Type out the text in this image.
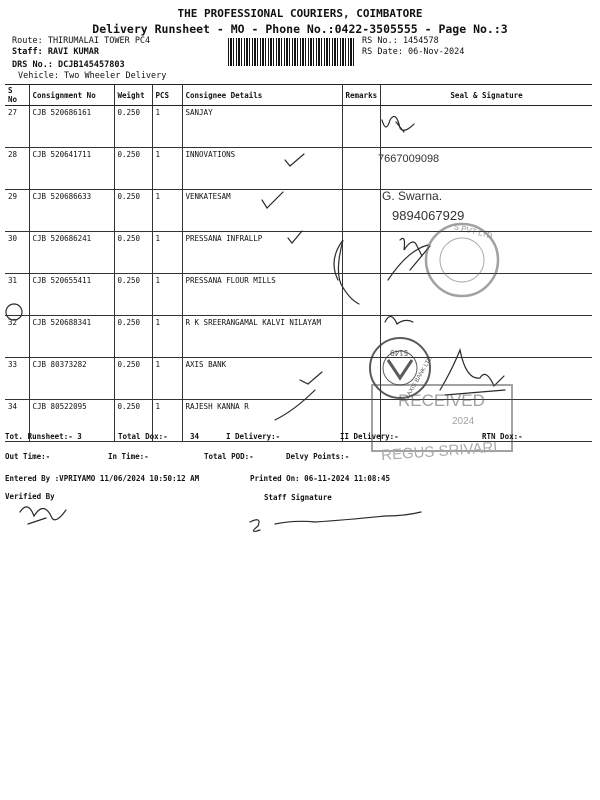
THE PROFESSIONAL COURIERS, COIMBATORE
Delivery Runsheet - MO - Phone No.:0422-3505555 - Page No.:3
Route: THIRUMALAI TOWER PC4
Staff: RAVI KUMAR
DRS No.: DCJB145457803
Vehicle: Two Wheeler Delivery
RS No.: 1454578
RS Date: 06-Nov-2024
S No	Consignment No	Weight	PCS	Consignee Details	Remarks	Seal & Signature
27	CJB 520686161	0.250	1	SANJAY		
28	CJB 520641711	0.250	1	INNOVATIONS		
29	CJB 520686633	0.250	1	VENKATESAM		
30	CJB 520686241	0.250	1	PRESSANA INFRALLP		
31	CJB 520655411	0.250	1	PRESSANA FLOUR MILLS		
32	CJB 520688341	0.250	1	R K SREERANGAMAL KALVI NILAYAM		
33	CJB 80373282	0.250	1	AXIS BANK		
34	CJB 80522095	0.250	1	RAJESH KANNA R		
7667009098
G. Swarna.
9894067929
S PVT LTD
5149
AXIS BANK LTD
RECEIVED
2024
REGUS SRIVARI
Tot. Runsheet:- 3	Total Dox:-	34	I Delivery:-	II Delivery:-	RTN Dox:-
Out Time:-	In Time:-	Total POD:-	Delvy Points:-
Entered By :VPRIYAMO 11/06/2024 10:50:12 AM	Printed On: 06-11-2024 11:08:45
Verified By	Staff Signature
